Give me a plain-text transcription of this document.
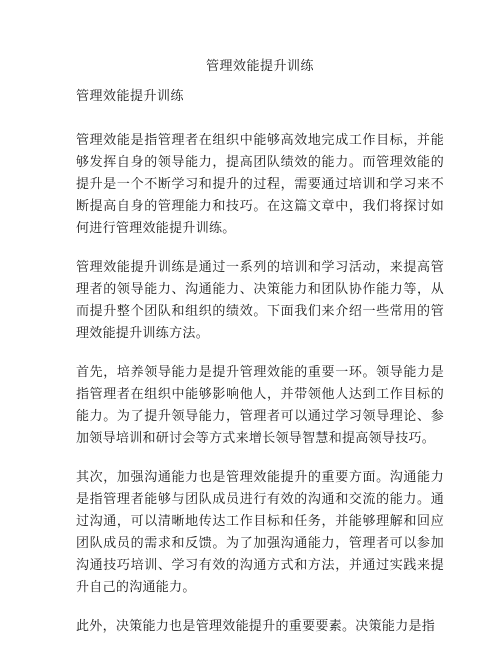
管理效能提升训练
管理效能提升训练

管理效能是指管理者在组织中能够高效地完成工作目标，并能够发挥自身的领导能力，提高团队绩效的能力。而管理效能的提升是一个不断学习和提升的过程，需要通过培训和学习来不断提高自身的管理能力和技巧。在这篇文章中，我们将探讨如何进行管理效能提升训练。

管理效能提升训练是通过一系列的培训和学习活动，来提高管理者的领导能力、沟通能力、决策能力和团队协作能力等，从而提升整个团队和组织的绩效。下面我们来介绍一些常用的管理效能提升训练方法。

首先，培养领导能力是提升管理效能的重要一环。领导能力是指管理者在组织中能够影响他人，并带领他人达到工作目标的能力。为了提升领导能力，管理者可以通过学习领导理论、参加领导培训和研讨会等方式来增长领导智慧和提高领导技巧。

其次，加强沟通能力也是管理效能提升的重要方面。沟通能力是指管理者能够与团队成员进行有效的沟通和交流的能力。通过沟通，可以清晰地传达工作目标和任务，并能够理解和回应团队成员的需求和反馈。为了加强沟通能力，管理者可以参加沟通技巧培训、学习有效的沟通方式和方法，并通过实践来提升自己的沟通能力。

此外，决策能力也是管理效能提升的重要要素。决策能力是指
